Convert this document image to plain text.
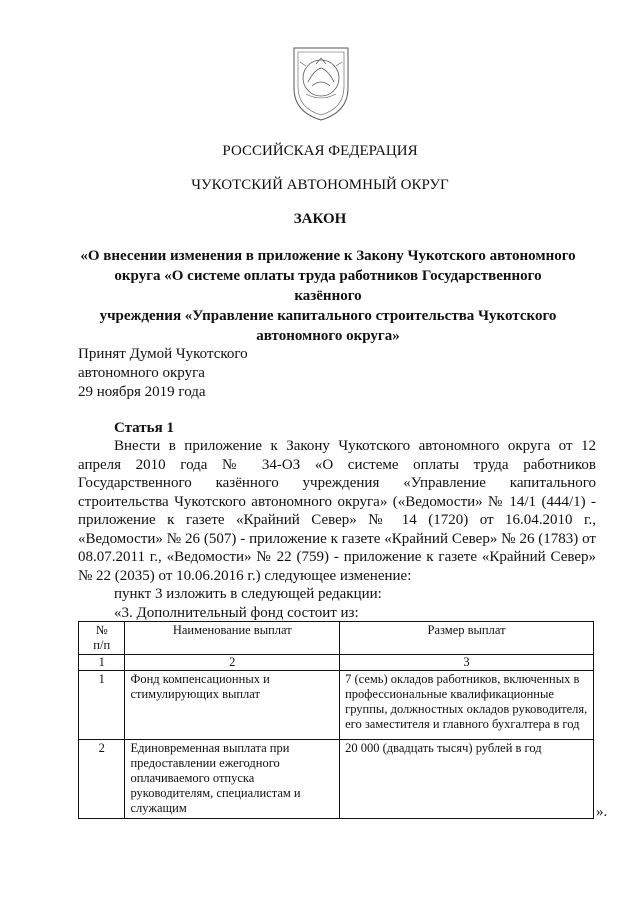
РОССИЙСКАЯ ФЕДЕРАЦИЯ
ЧУКОТСКИЙ АВТОНОМНЫЙ ОКРУГ
ЗАКОН
«О внесении изменения в приложение к Закону Чукотского автономного
округа «О системе оплаты труда работников Государственного казённого
учреждения «Управление капитального строительства Чукотского
автономного округа»
Принят Думой Чукотского
автономного округа
29 ноября 2019 года
Статья 1

Внести в приложение к Закону Чукотского автономного округа от 12 апреля 2010 года № 34-ОЗ «О системе оплаты труда работников Государственного казённого учреждения «Управление капитального строительства Чукотского автономного округа» («Ведомости» № 14/1 (444/1) - приложение к газете «Крайний Север» № 14 (1720) от 16.04.2010 г., «Ведомости» № 26 (507) - приложение к газете «Крайний Север» № 26 (1783) от 08.07.2011 г., «Ведомости» № 22 (759) - приложение к газете «Крайний Север» № 22 (2035) от 10.06.2016 г.) следующее изменение:

пункт 3 изложить в следующей редакции:

«3. Дополнительный фонд состоит из:

№
п/п	Наименование выплат	Размер выплат
1	2	3
1	Фонд компенсационных и стимулирующих выплат	7 (семь) окладов работников, включенных в профессиональные квалификационные группы, должностных окладов руководителя, его заместителя и главного бухгалтера в год
2	Единовременная выплата при предоставлении ежегодного оплачиваемого отпуска руководителям, специалистам и служащим	20 000 (двадцать тысяч) рублей в год
».
